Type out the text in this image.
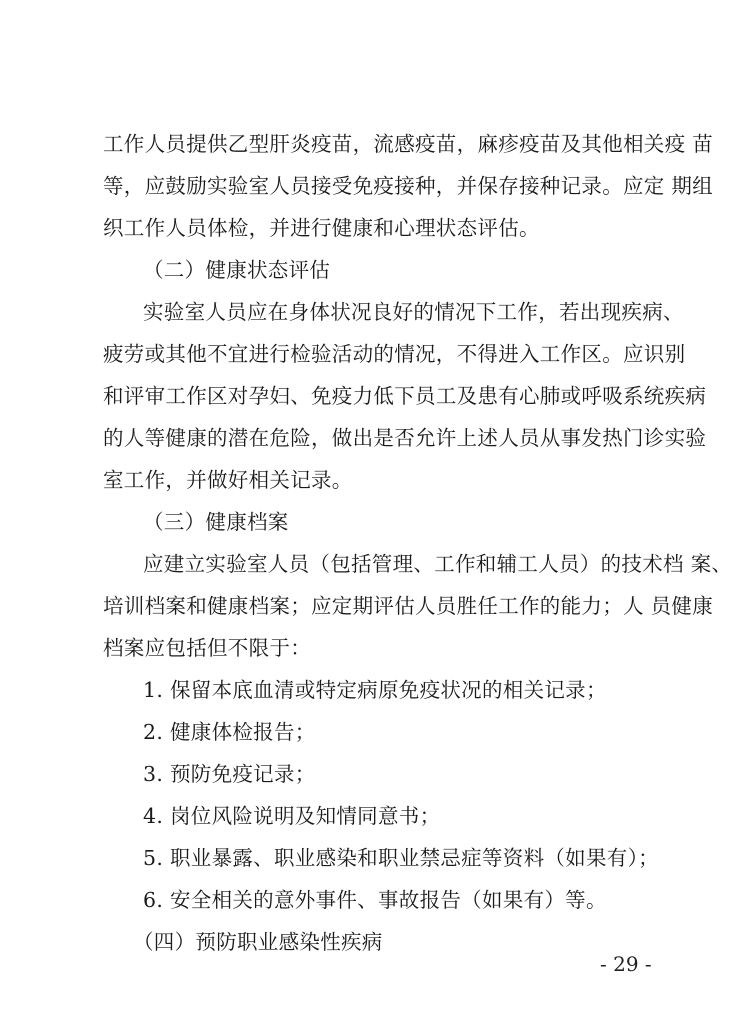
工作人员提供乙型肝炎疫苗，流感疫苗，麻疹疫苗及其他相关疫 苗
等，应鼓励实验室人员接受免疫接种，并保存接种记录。应定 期组
织工作人员体检，并进行健康和心理状态评估。
（二）健康状态评估
实验室人员应在身体状况良好的情况下工作，若出现疾病、
疲劳或其他不宜进行检验活动的情况，不得进入工作区。应识别
和评审工作区对孕妇、免疫力低下员工及患有心肺或呼吸系统疾病
的人等健康的潜在危险，做出是否允许上述人员从事发热门诊实验
室工作，并做好相关记录。
（三）健康档案
应建立实验室人员（包括管理、工作和辅工人员）的技术档 案、
培训档案和健康档案；应定期评估人员胜任工作的能力；人 员健康
档案应包括但不限于：
1. 保留本底血清或特定病原免疫状况的相关记录；
2. 健康体检报告；
3. 预防免疫记录；
4. 岗位风险说明及知情同意书；
5. 职业暴露、职业感染和职业禁忌症等资料（如果有）；
6. 安全相关的意外事件、事故报告（如果有）等。
（四）预防职业感染性疾病
- 29 -
